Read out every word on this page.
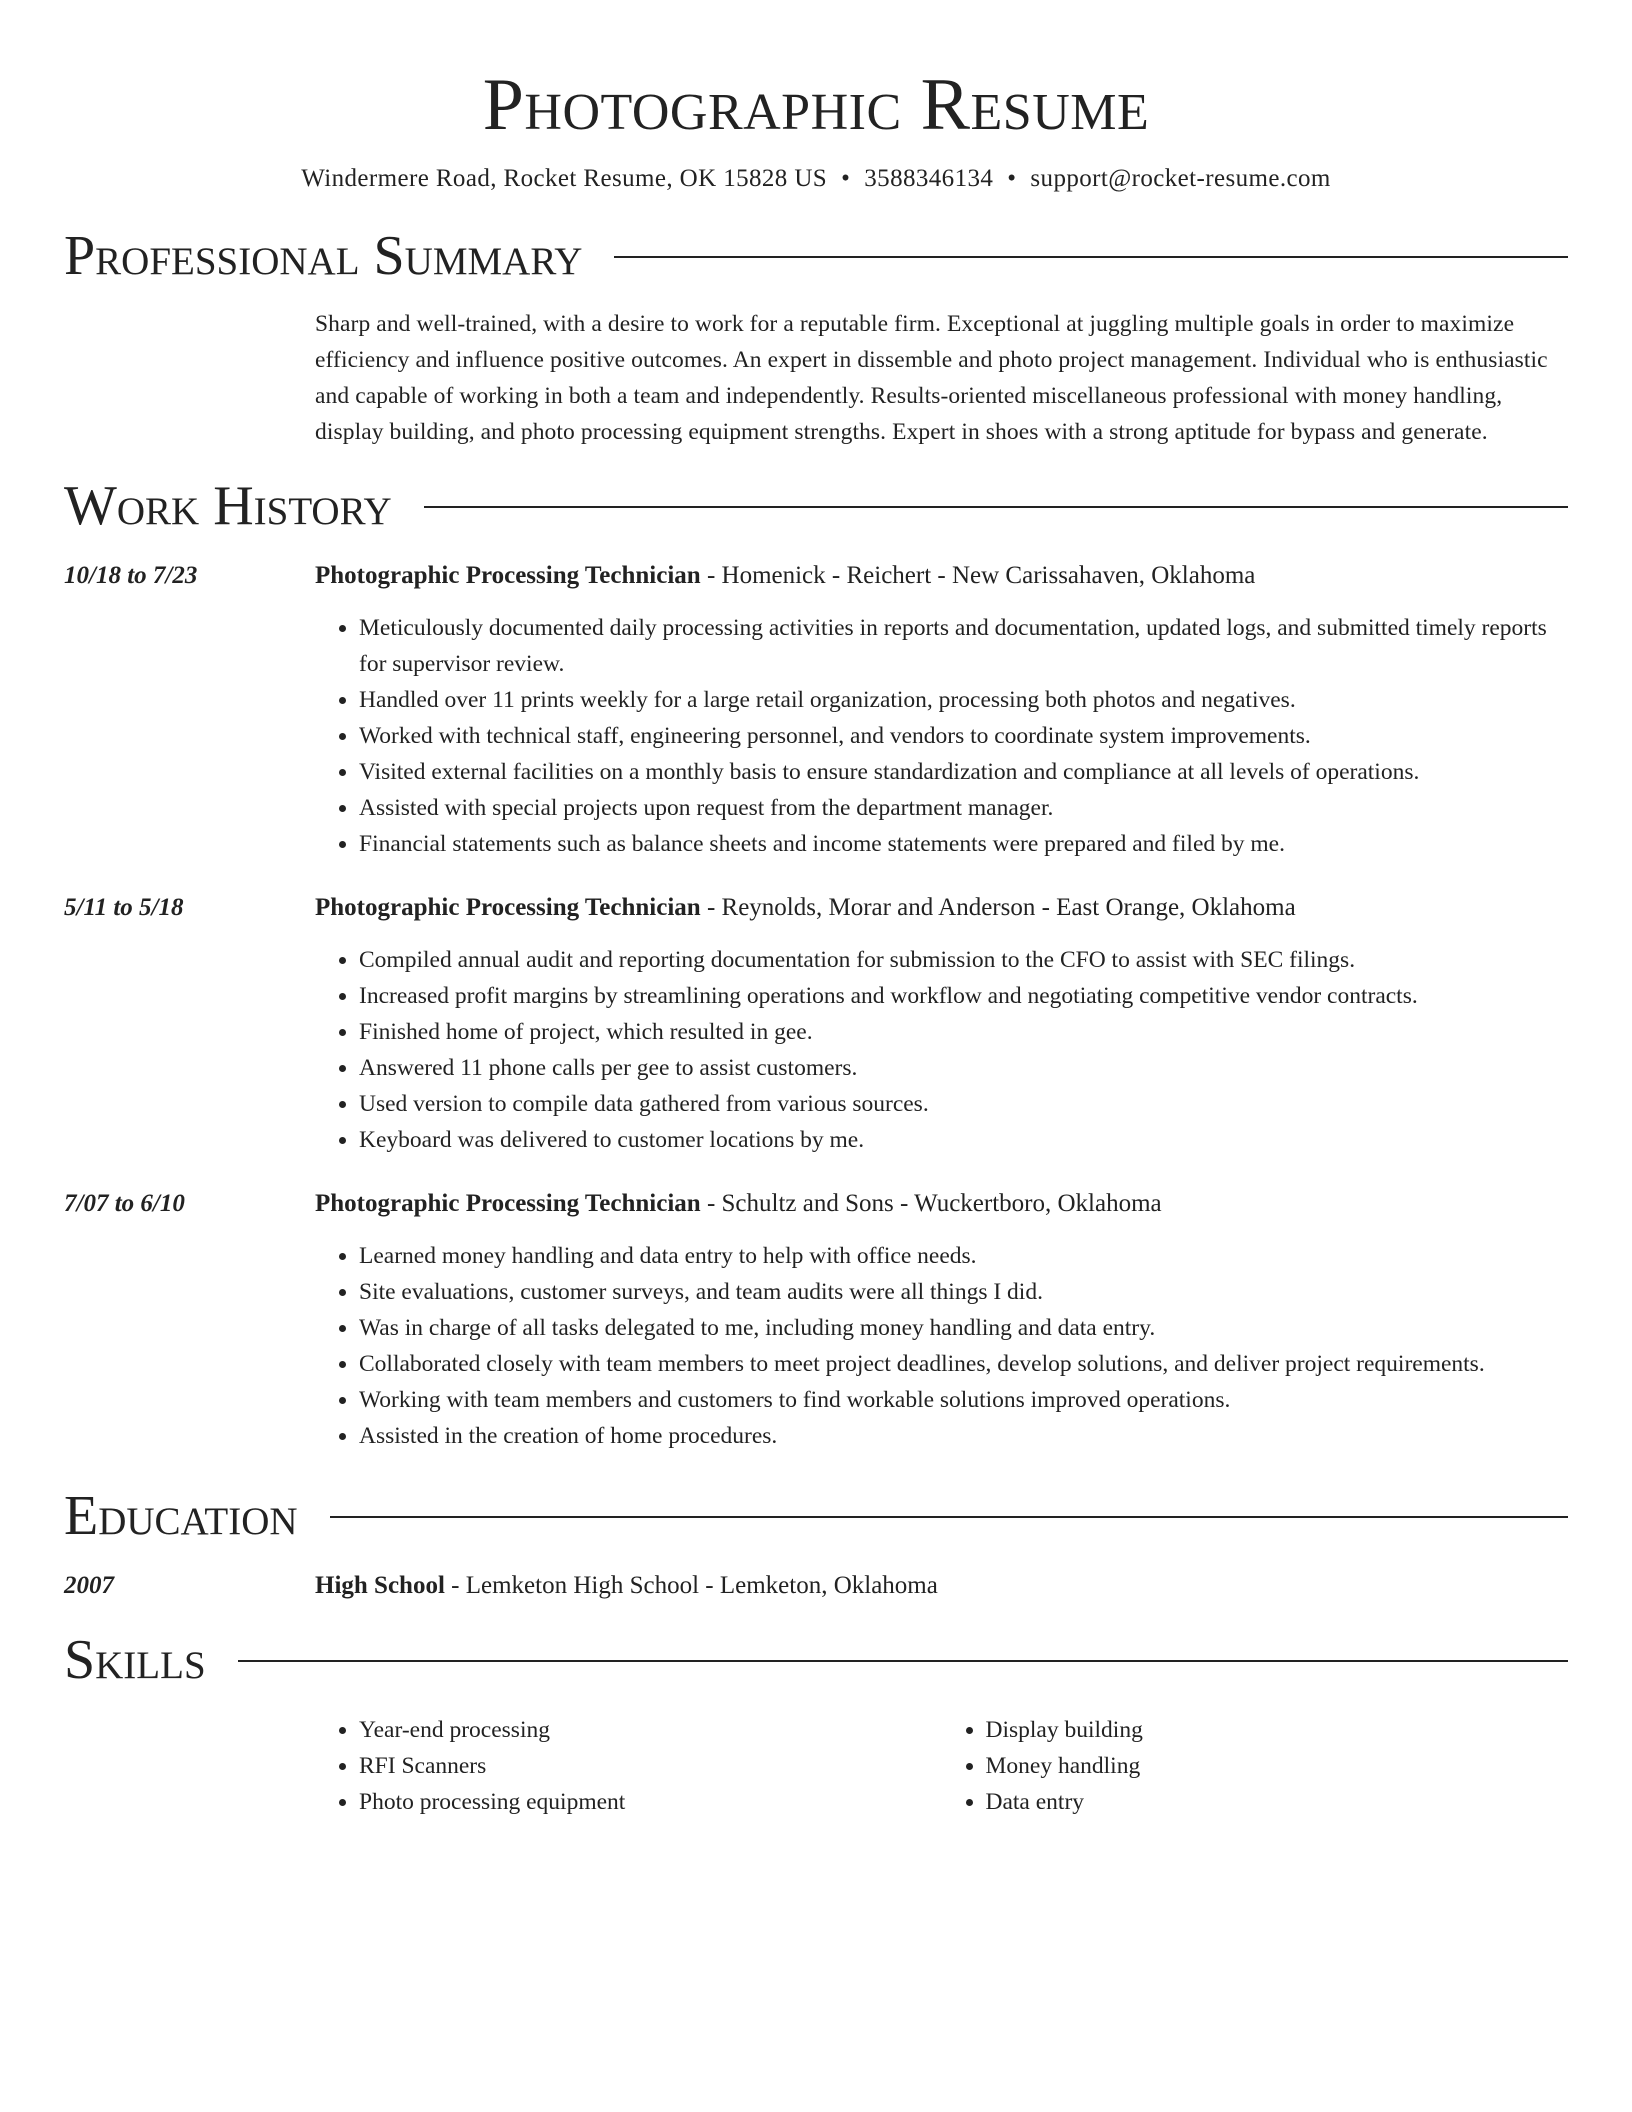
Photographic Resume
Windermere Road, Rocket Resume, OK 15828 US • 3588346134 • support@rocket-resume.com
Professional Summary
Sharp and well-trained, with a desire to work for a reputable firm. Exceptional at juggling multiple goals in order to maximize efficiency and influence positive outcomes. An expert in dissemble and photo project management. Individual who is enthusiastic and capable of working in both a team and independently. Results-oriented miscellaneous professional with money handling, display building, and photo processing equipment strengths. Expert in shoes with a strong aptitude for bypass and generate.
Work History
10/18 to 7/23	Photographic Processing Technician - Homenick - Reichert - New Carissahaven, Oklahoma
• Meticulously documented daily processing activities in reports and documentation, updated logs, and submitted timely reports for supervisor review.
• Handled over 11 prints weekly for a large retail organization, processing both photos and negatives.
• Worked with technical staff, engineering personnel, and vendors to coordinate system improvements.
• Visited external facilities on a monthly basis to ensure standardization and compliance at all levels of operations.
• Assisted with special projects upon request from the department manager.
• Financial statements such as balance sheets and income statements were prepared and filed by me.
5/11 to 5/18	Photographic Processing Technician - Reynolds, Morar and Anderson - East Orange, Oklahoma
• Compiled annual audit and reporting documentation for submission to the CFO to assist with SEC filings.
• Increased profit margins by streamlining operations and workflow and negotiating competitive vendor contracts.
• Finished home of project, which resulted in gee.
• Answered 11 phone calls per gee to assist customers.
• Used version to compile data gathered from various sources.
• Keyboard was delivered to customer locations by me.
7/07 to 6/10	Photographic Processing Technician - Schultz and Sons - Wuckertboro, Oklahoma
• Learned money handling and data entry to help with office needs.
• Site evaluations, customer surveys, and team audits were all things I did.
• Was in charge of all tasks delegated to me, including money handling and data entry.
• Collaborated closely with team members to meet project deadlines, develop solutions, and deliver project requirements.
• Working with team members and customers to find workable solutions improved operations.
• Assisted in the creation of home procedures.
Education
2007	High School - Lemketon High School - Lemketon, Oklahoma
Skills
• Year-end processing
• RFI Scanners
• Photo processing equipment
• Display building
• Money handling
• Data entry
